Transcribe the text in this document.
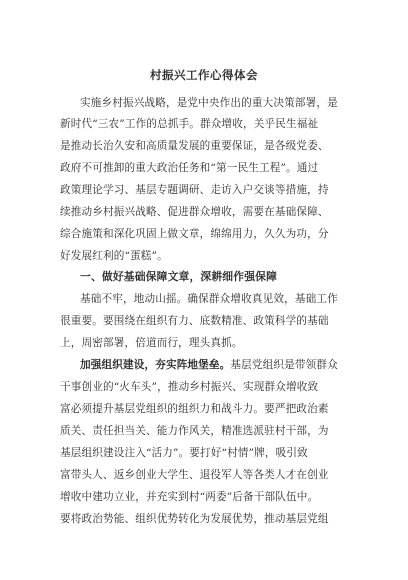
村振兴工作心得体会
实施乡村振兴战略，是党中央作出的重大决策部署，是
新时代“三农”工作的总抓手。群众增收，关乎民生福祉
是推动长治久安和高质量发展的重要保证，是各级党委、
政府不可推卸的重大政治任务和“第一民生工程”。通过
政策理论学习、基层专题调研、走访入户交谈等措施，持
续推动乡村振兴战略、促进群众增收，需要在基础保障、
综合施策和深化巩固上做文章，绵绵用力，久久为功，分
好发展红利的“蛋糕”。
一、做好基础保障文章，深耕细作强保障
基础不牢，地动山摇。确保群众增收真见效，基础工作
很重要。要围绕在组织有力、底数精准、政策科学的基础
上，周密部署，倍道而行，理头真抓。
加强组织建设，夯实阵地堡垒。基层党组织是带领群众
干事创业的“火车头”，推动乡村振兴、实现群众增收致
富必须提升基层党组织的组织力和战斗力。要严把政治素
质关、责任担当关、能力作风关，精准选派驻村干部，为
基层组织建设注入“活力”。要打好“村情”牌，吸引致
富带头人、返乡创业大学生、退役军人等各类人才在创业
增收中建功立业，并充实到村“两委”后备干部队伍中。
要将政治势能、组织优势转化为发展优势，推动基层党组
